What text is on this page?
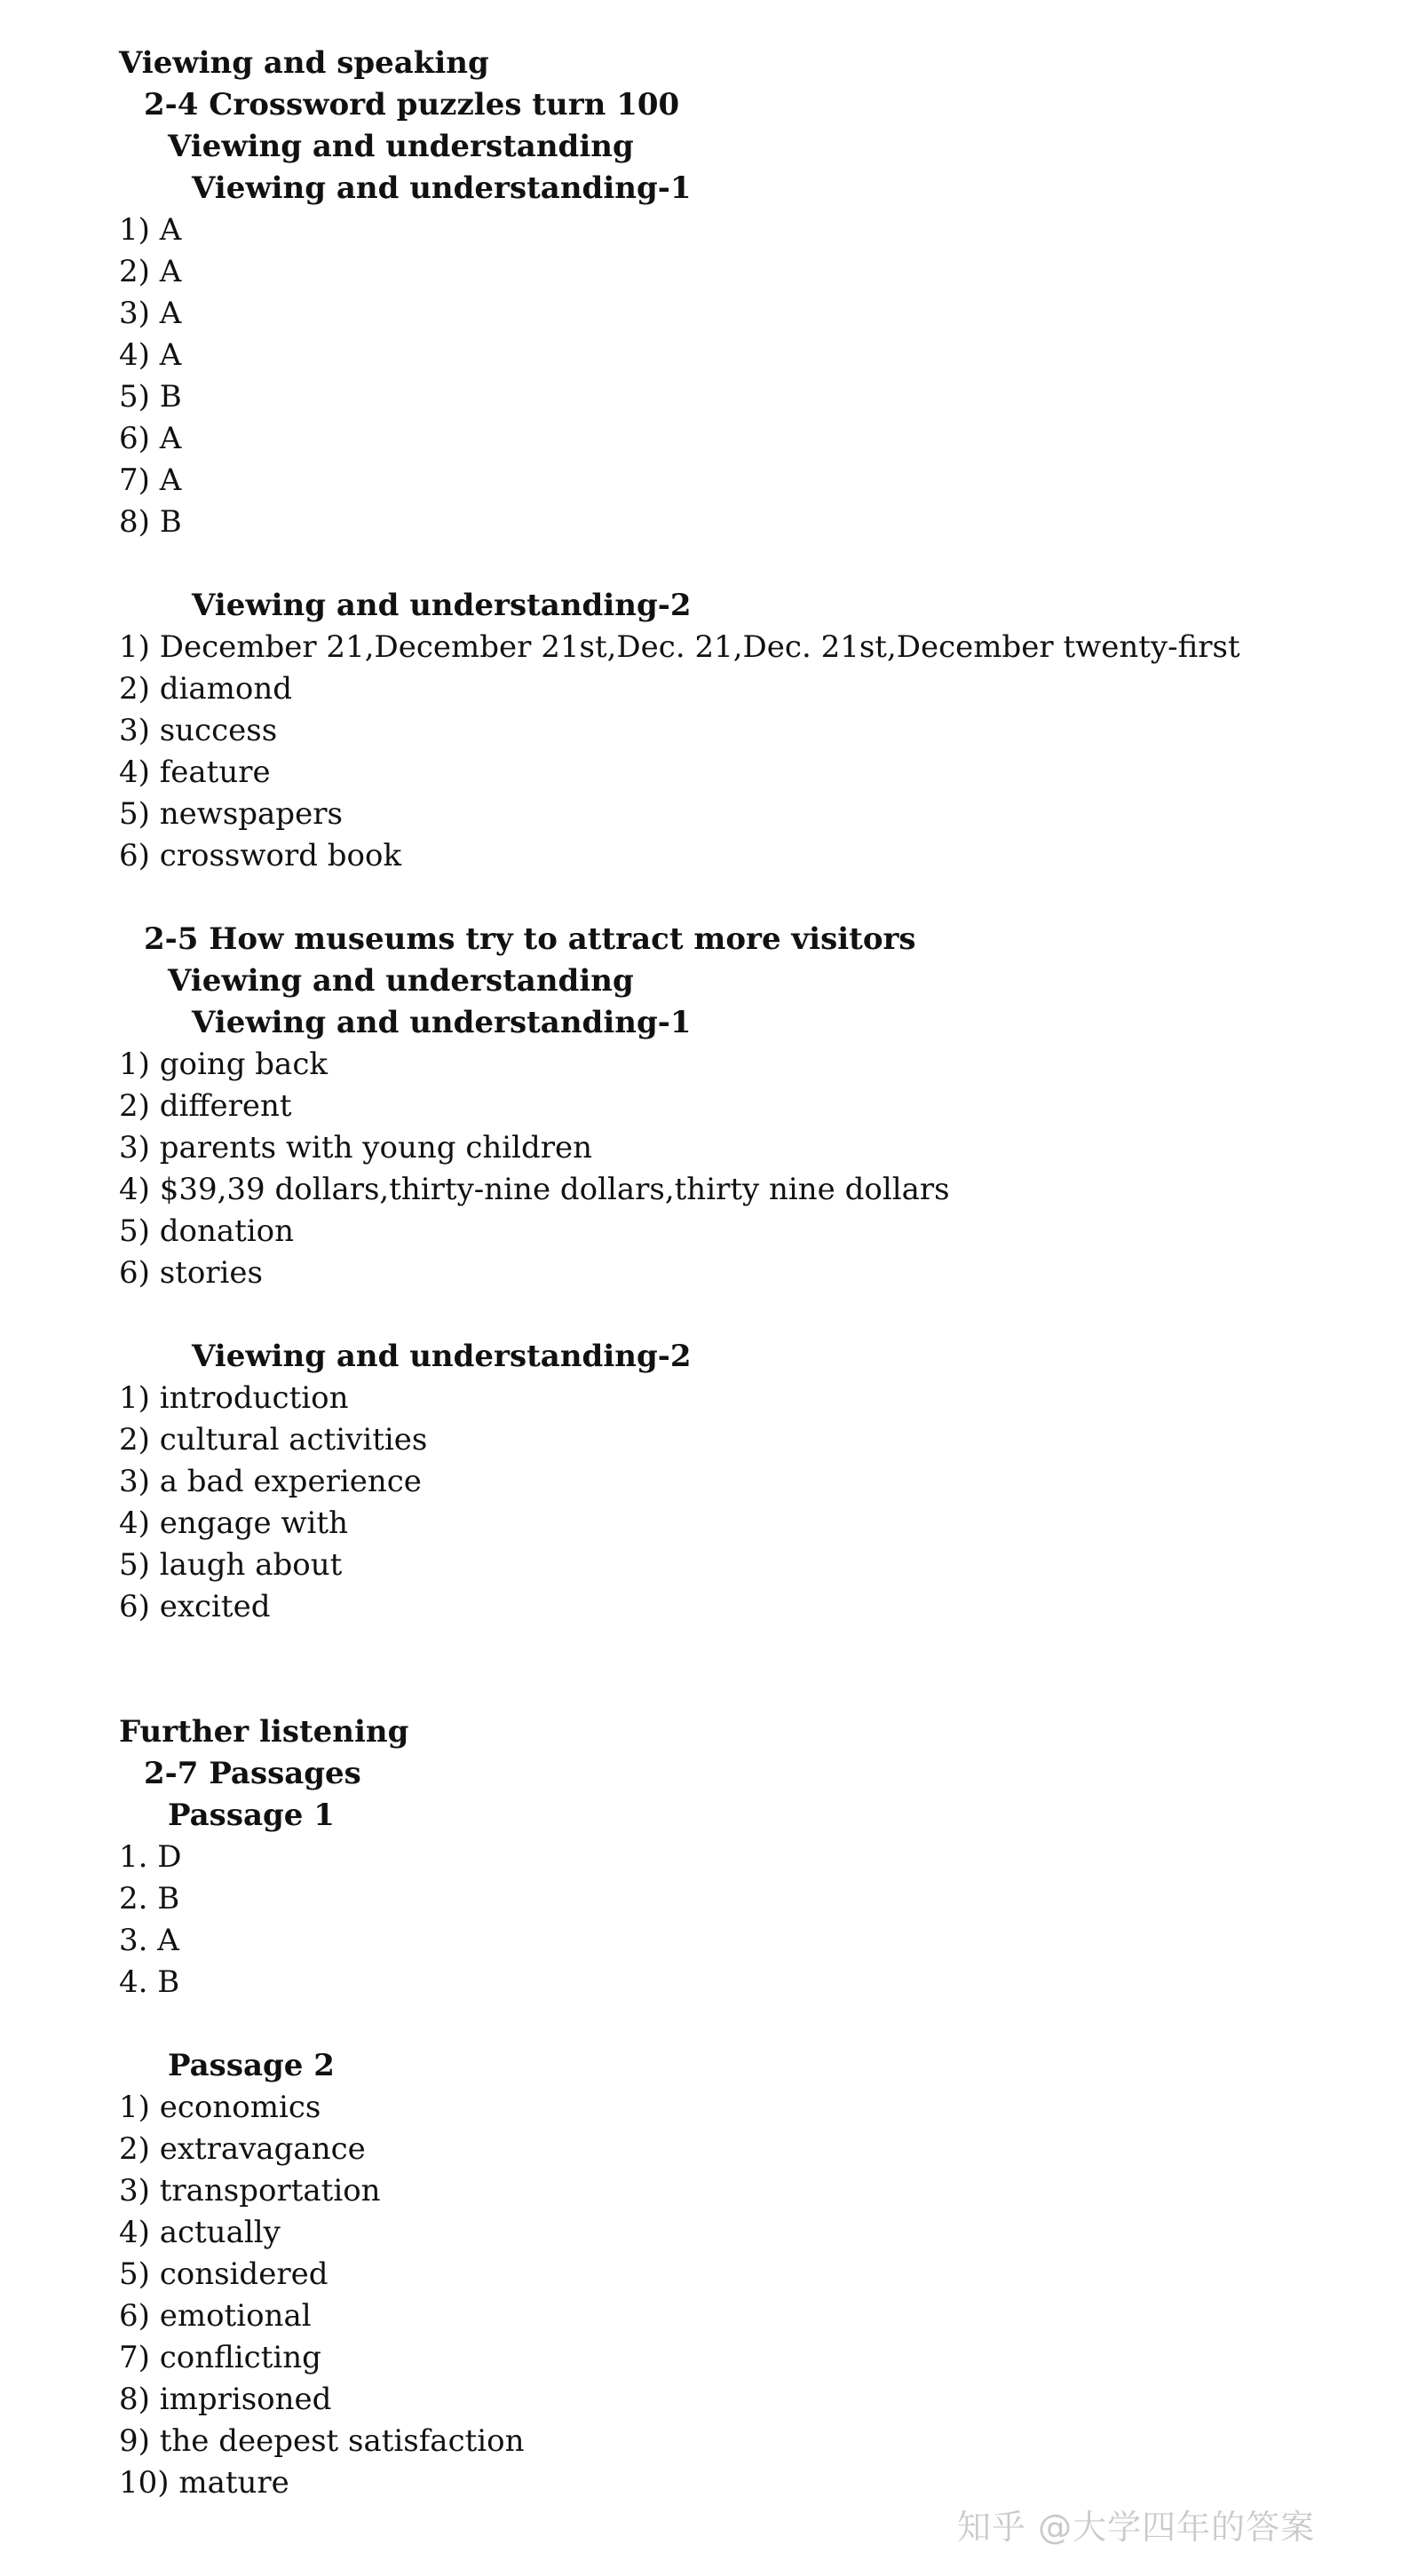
Viewing and speaking
2-4 Crossword puzzles turn 100
Viewing and understanding
Viewing and understanding-1
1) A
2) A
3) A
4) A
5) B
6) A
7) A
8) B
Viewing and understanding-2
1) December 21,December 21st,Dec. 21,Dec. 21st,December twenty-first
2) diamond
3) success
4) feature
5) newspapers
6) crossword book
2-5 How museums try to attract more visitors
Viewing and understanding
Viewing and understanding-1
1) going back
2) different
3) parents with young children
4) $39,39 dollars,thirty-nine dollars,thirty nine dollars
5) donation
6) stories
Viewing and understanding-2
1) introduction
2) cultural activities
3) a bad experience
4) engage with
5) laugh about
6) excited
Further listening
2-7 Passages
Passage 1
1. D
2. B
3. A
4. B
Passage 2
1) economics
2) extravagance
3) transportation
4) actually
5) considered
6) emotional
7) conflicting
8) imprisoned
9) the deepest satisfaction
10) mature
知乎 @大学四年的答案
